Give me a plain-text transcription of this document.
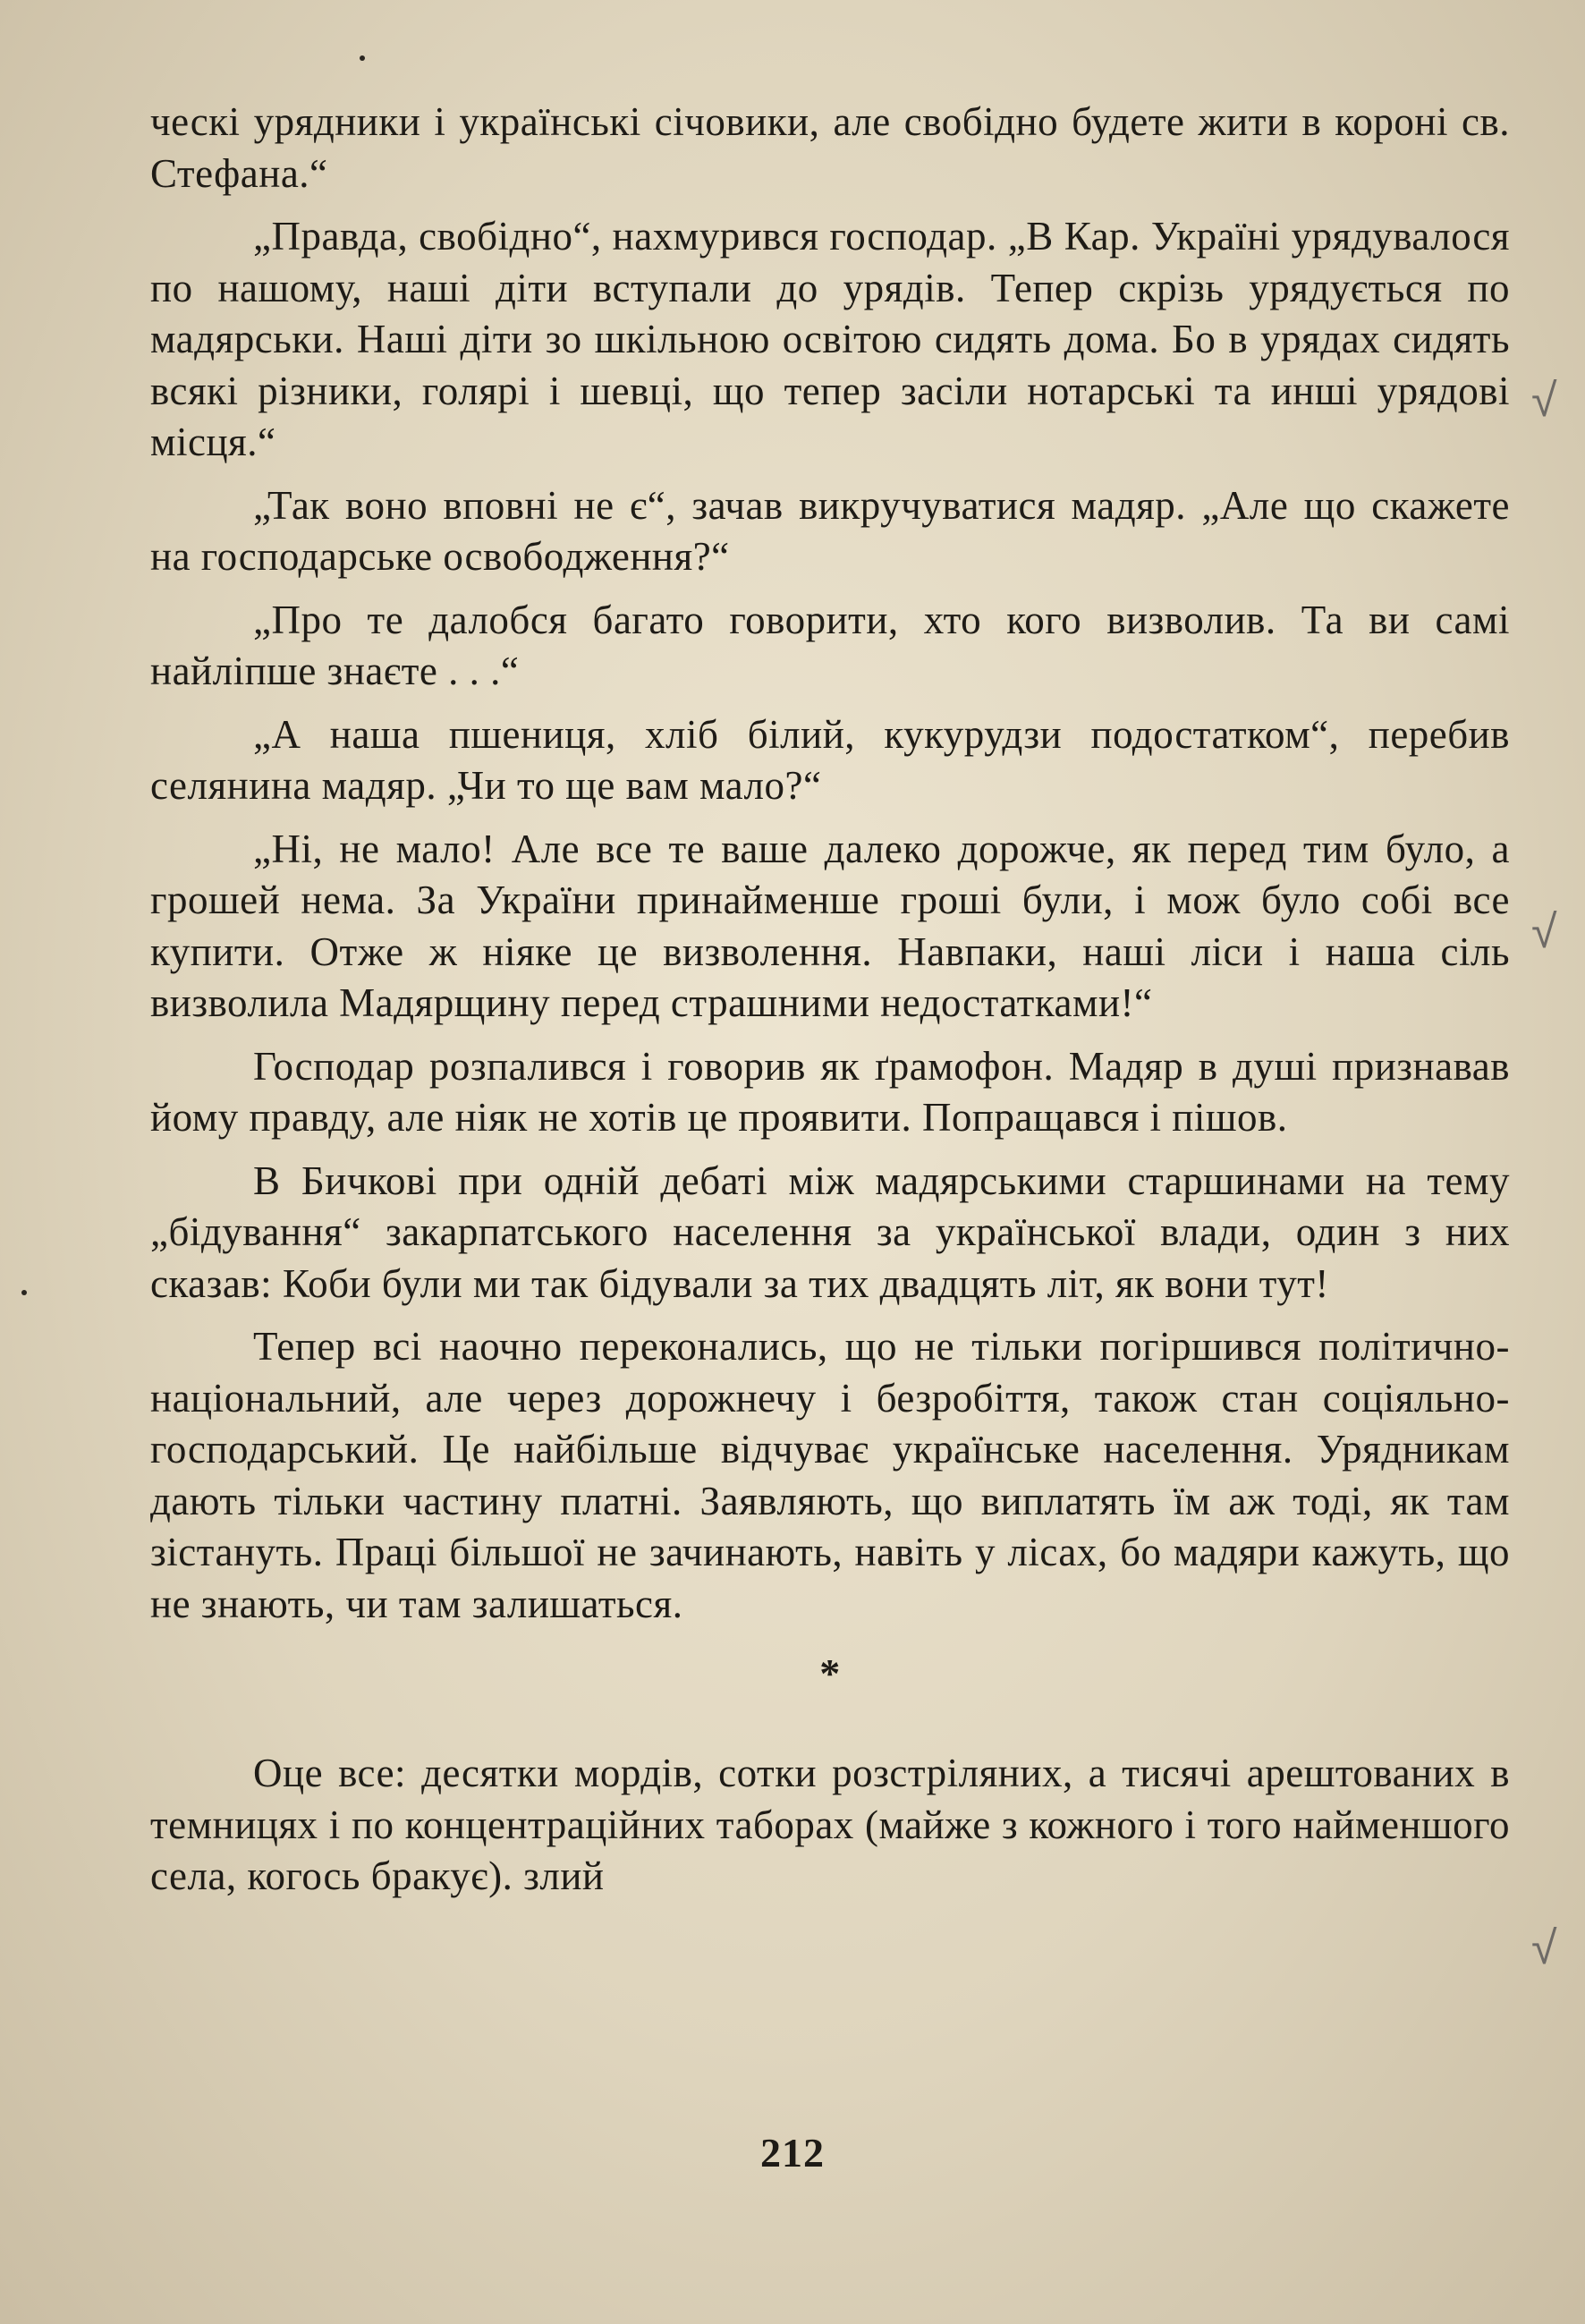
ческі урядники і українські січовики, але свобідно будете жити в короні св. Стефана.“

„Правда, свобідно“, нахмурився господар. „В Кар. Україні урядувалося по нашому, наші діти вступали до урядів. Тепер скрізь урядується по мадярськи. Наші діти зо шкільною освітою сидять дома. Бо в урядах сидять всякі різники, голярі і шевці, що тепер засіли нотарські та инші урядові місця.“

„Так воно вповні не є“, зачав викручуватися мадяр. „Але що скажете на господарське освободження?“

„Про те далобся багато говорити, хто кого визволив. Та ви самі найліпше знаєте . . .“

„А наша пшениця, хліб білий, кукурудзи подостатком“, перебив селянина мадяр. „Чи то ще вам мало?“

„Ні, не мало! Але все те ваше далеко дорожче, як перед тим було, а грошей нема. За України принайменше гроші були, і мож було собі все купити. Отже ж ніяке це визволення. Навпаки, наші ліси і наша сіль визволила Мадярщину перед страшними недостатками!“

Господар розпалився і говорив як ґрамофон. Мадяр в душі признавав йому правду, але ніяк не хотів це проявити. Попращався і пішов.

В Бичкові при одній дебаті між мадярськими старшинами на тему „бідування“ закарпатського населення за української влади, один з них сказав: Коби були ми так бідували за тих двадцять літ, як вони тут!

Тепер всі наочно переконались, що не тільки погіршився політично-національний, але через дорожнечу і безробіття, також стан соціяльно-господарський. Це найбільше відчуває українське населення. Урядникам дають тільки частину платні. Заявляють, що виплатять їм аж тоді, як там зістануть. Праці більшої не зачинають, навіть у лісах, бо мадяри кажуть, що не знають, чи там залишаться.

*

Оце все: десятки мордів, сотки розстріляних, а тисячі арештованих в темницях і по концентраційних таборах (майже з кожного і того найменшого села, когось бракує). злий

212
√
√
√
